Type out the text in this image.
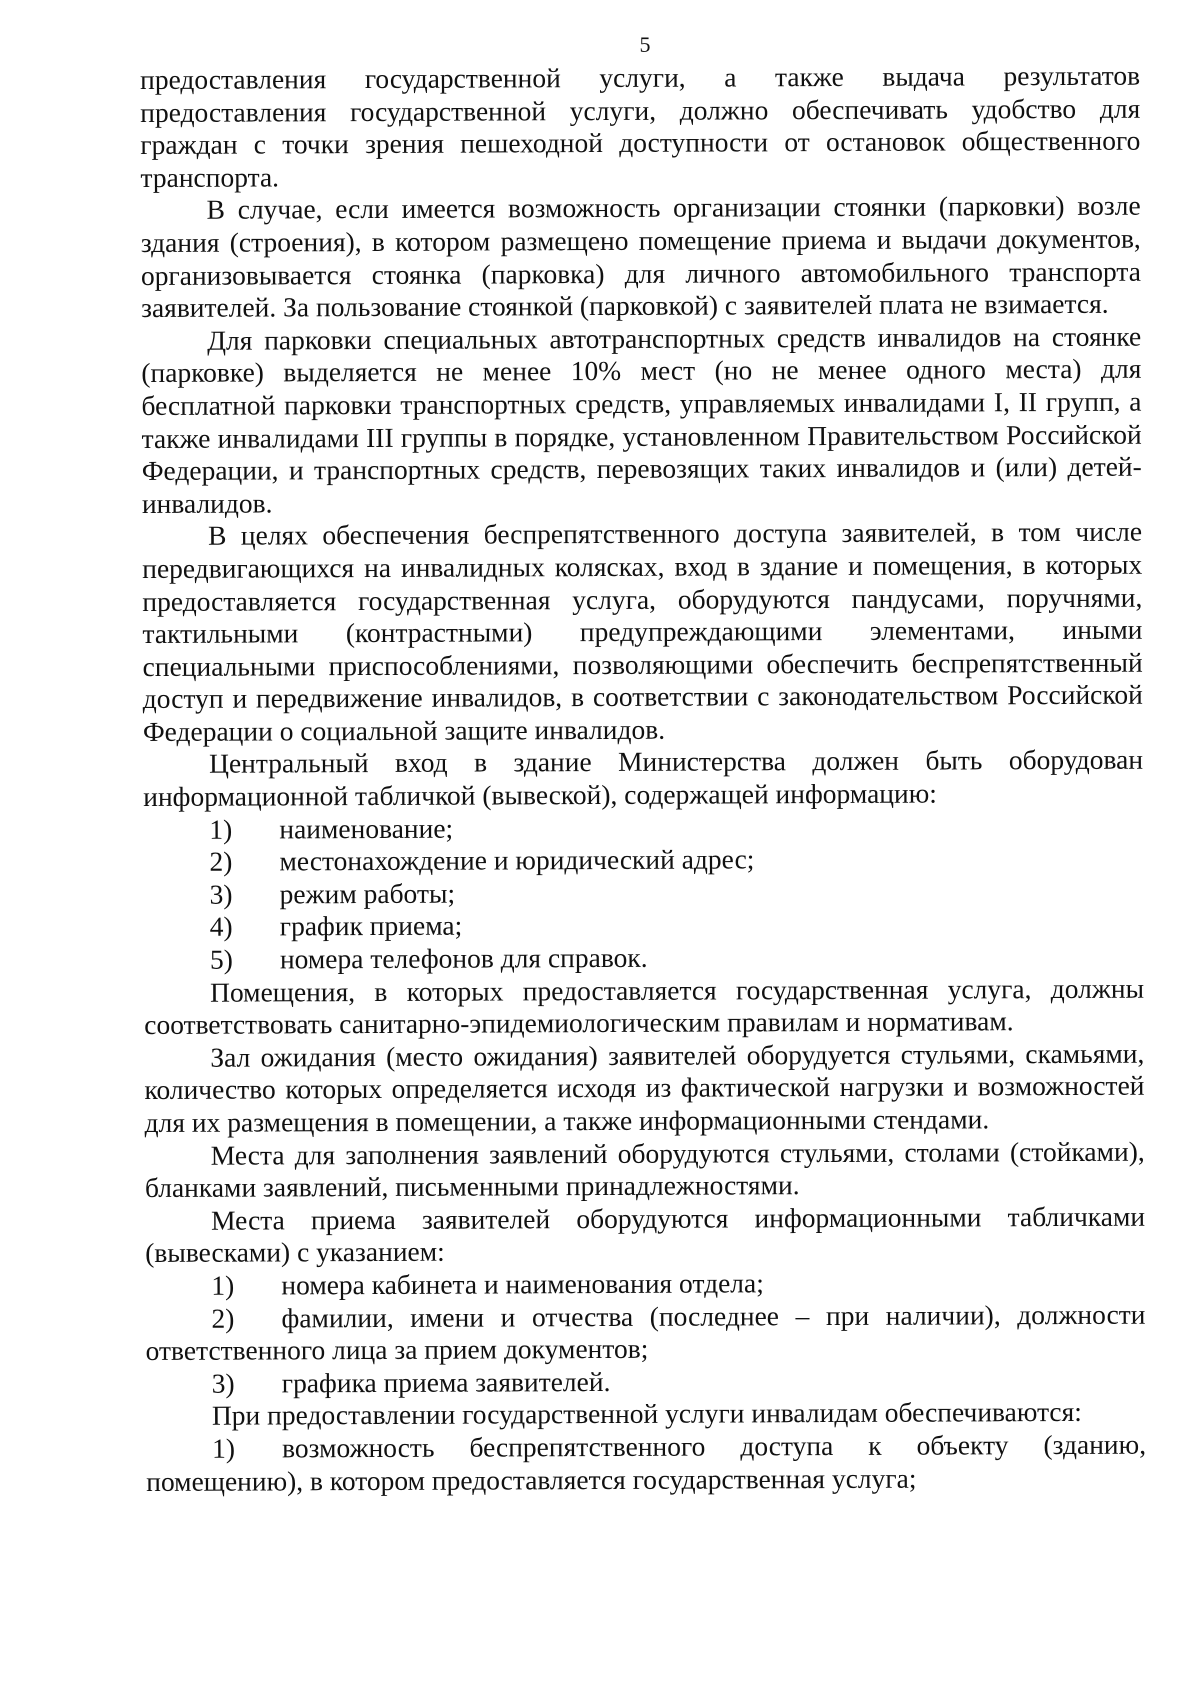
5

предоставления государственной услуги, а также выдача результатов предоставления государственной услуги, должно обеспечивать удобство для граждан с точки зрения пешеходной доступности от остановок общественного транспорта.

В случае, если имеется возможность организации стоянки (парковки) возле здания (строения), в котором размещено помещение приема и выдачи документов, организовывается стоянка (парковка) для личного автомобильного транспорта заявителей. За пользование стоянкой (парковкой) с заявителей плата не взимается.

Для парковки специальных автотранспортных средств инвалидов на стоянке (парковке) выделяется не менее 10% мест (но не менее одного места) для бесплатной парковки транспортных средств, управляемых инвалидами I, II групп, а также инвалидами III группы в порядке, установленном Правительством Российской Федерации, и транспортных средств, перевозящих таких инвалидов и (или) детей-инвалидов.

В целях обеспечения беспрепятственного доступа заявителей, в том числе передвигающихся на инвалидных колясках, вход в здание и помещения, в которых предоставляется государственная услуга, оборудуются пандусами, поручнями, тактильными (контрастными) предупреждающими элементами, иными специальными приспособлениями, позволяющими обеспечить беспрепятственный доступ и передвижение инвалидов, в соответствии с законодательством Российской Федерации о социальной защите инвалидов.

Центральный вход в здание Министерства должен быть оборудован информационной табличкой (вывеской), содержащей информацию:

1) наименование;

2) местонахождение и юридический адрес;

3) режим работы;

4) график приема;

5) номера телефонов для справок.

Помещения, в которых предоставляется государственная услуга, должны соответствовать санитарно-эпидемиологическим правилам и нормативам.

Зал ожидания (место ожидания) заявителей оборудуется стульями, скамьями, количество которых определяется исходя из фактической нагрузки и возможностей для их размещения в помещении, а также информационными стендами.

Места для заполнения заявлений оборудуются стульями, столами (стойками), бланками заявлений, письменными принадлежностями.

Места приема заявителей оборудуются информационными табличками (вывесками) с указанием:

1) номера кабинета и наименования отдела;

2) фамилии, имени и отчества (последнее – при наличии), должности ответственного лица за прием документов;

3) графика приема заявителей.

При предоставлении государственной услуги инвалидам обеспечиваются:

1) возможность беспрепятственного доступа к объекту (зданию, помещению), в котором предоставляется государственная услуга;
